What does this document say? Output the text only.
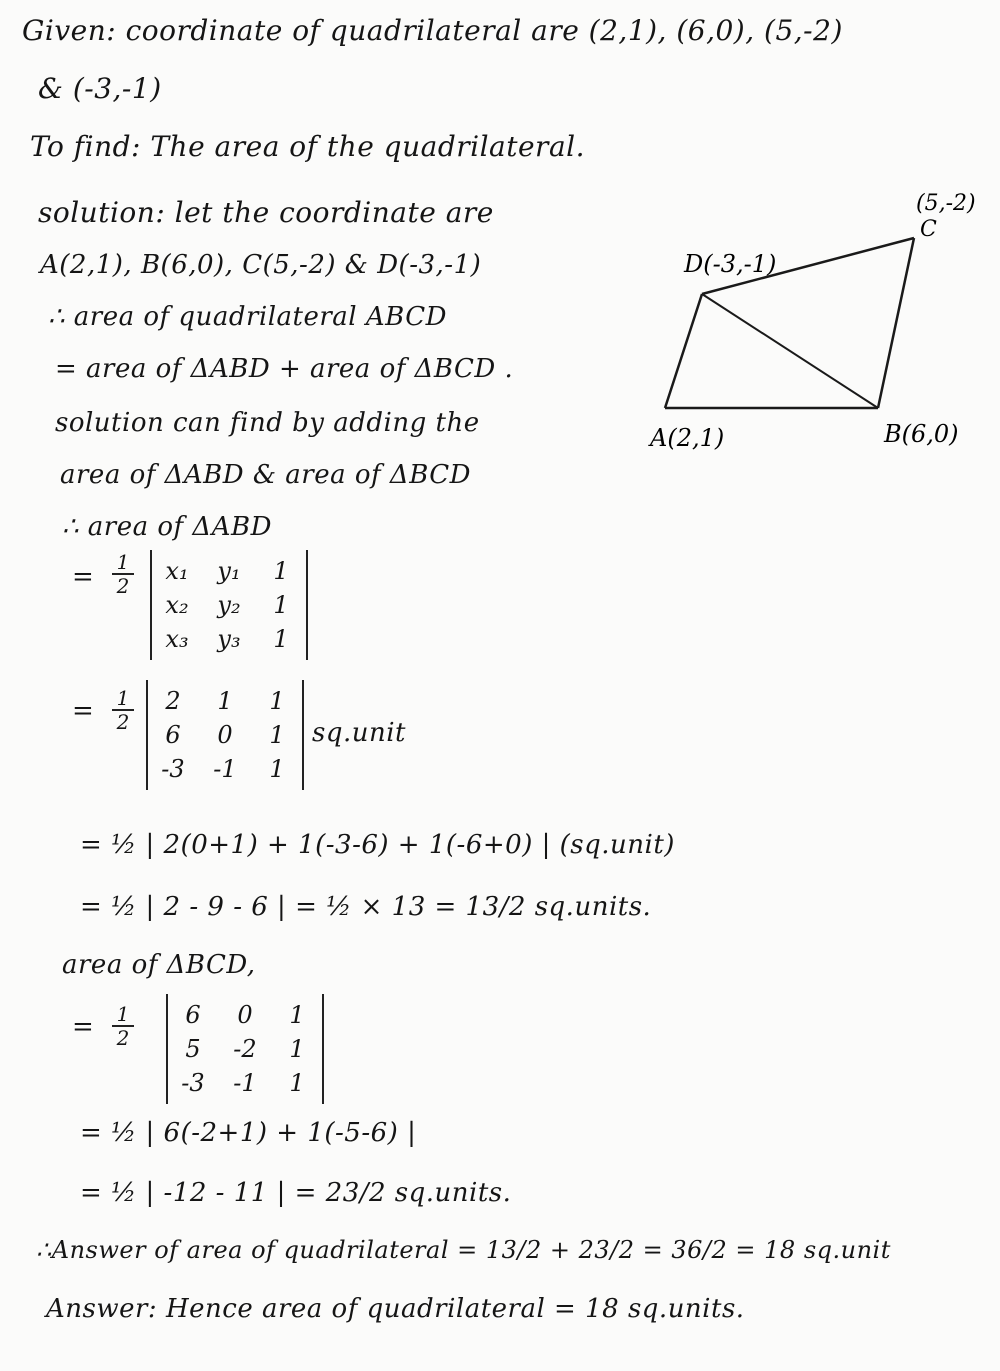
Given: coordinate of quadrilateral are (2,1), (6,0), (5,-2)
& (-3,-1)
To find: The area of the quadrilateral.
solution: let the coordinate are
A(2,1), B(6,0), C(5,-2) & D(-3,-1)
∴ area of quadrilateral ABCD
= area of ΔABD + area of ΔBCD .
solution can find by adding the
area of ΔABD & area of ΔBCD
A(2,1)	B(6,0)
(5,-2)
C
D(-3,-1)
∴ area of ΔABD
= 1
2
x₁ y₁ 1
x₂ y₂ 1
x₃ y₃ 1
= 1
2
2 1 1
6 0 1
-3 -1 1
sq.unit
= ½ | 2(0+1) + 1(-3-6) + 1(-6+0) | (sq.unit)
= ½ | 2 - 9 - 6 | = ½ × 13 = 13/2 sq.units.
area of ΔBCD,
= 1
2
6 0 1
5 -2 1
-3 -1 1
= ½ | 6(-2+1) + 1(-5-6) |
= ½ | -12 - 11 | = 23/2 sq.units.
∴Answer of area of quadrilateral = 13/2 + 23/2 = 36/2 = 18 sq.unit
Answer: Hence area of quadrilateral = 18 sq.units.
